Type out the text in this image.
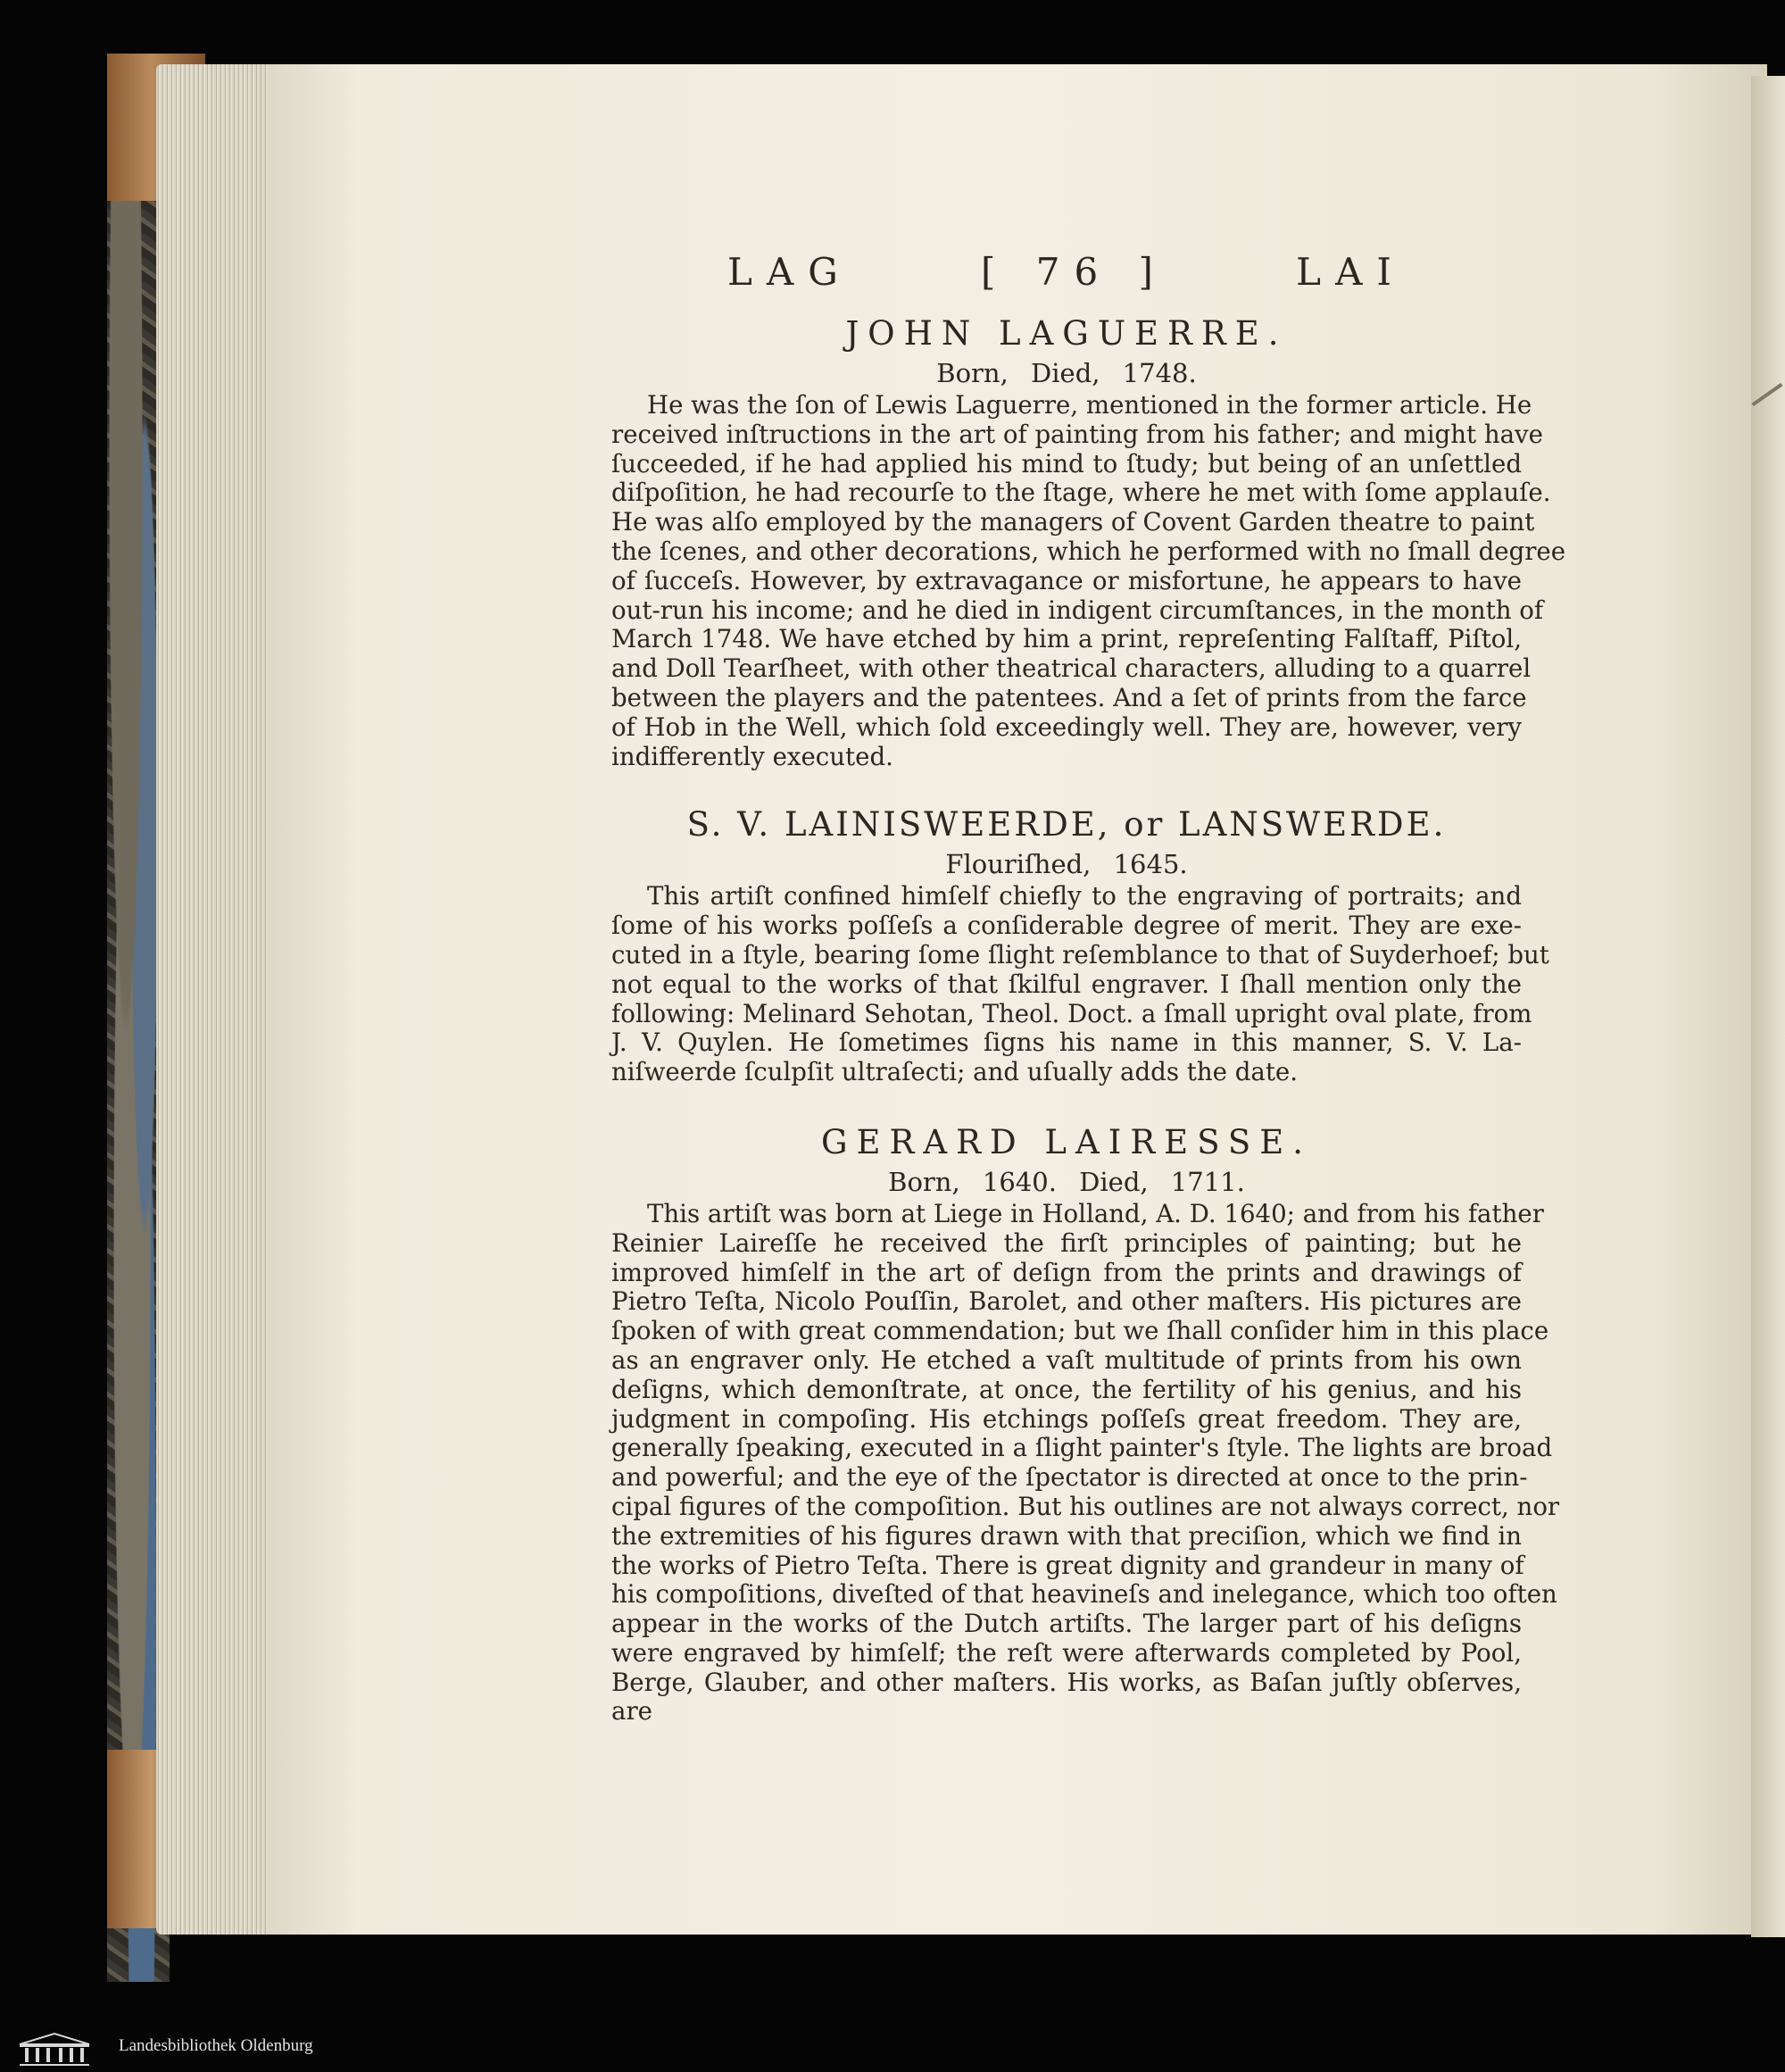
LAG	[ 76 ]	LAI

JOHN LAGUERRE.

Born, Died, 1748.

He was the ſon of Lewis Laguerre, mentioned in the former article. He
received inſtructions in the art of painting from his father; and might have
ſucceeded, if he had applied his mind to ſtudy; but being of an unſettled
diſpoſition, he had recourſe to the ſtage, where he met with ſome applauſe.
He was alſo employed by the managers of Covent Garden theatre to paint
the ſcenes, and other decorations, which he performed with no ſmall degree
of ſucceſs. However, by extravagance or misfortune, he appears to have
out-run his income; and he died in indigent circumſtances, in the month of
March 1748. We have etched by him a print, repreſenting Falſtaff, Piſtol,
and Doll Tearſheet, with other theatrical characters, alluding to a quarrel
between the players and the patentees. And a ſet of prints from the farce
of Hob in the Well, which ſold exceedingly well. They are, however, very
indifferently executed.

S. V. LAINISWEERDE, or LANSWERDE.

Flouriſhed, 1645.

This artiſt confined himſelf chiefly to the engraving of portraits; and
ſome of his works poſſeſs a conſiderable degree of merit. They are exe-
cuted in a ſtyle, bearing ſome ſlight reſemblance to that of Suyderhoef; but
not equal to the works of that ſkilful engraver. I ſhall mention only the
following: Melinard Sehotan, Theol. Doct. a ſmall upright oval plate, from
J. V. Quylen. He ſometimes ſigns his name in this manner, S. V. La-
niſweerde ſculpſit ultraſecti; and uſually adds the date.

GERARD LAIRESSE.

Born, 1640. Died, 1711.

This artiſt was born at Liege in Holland, A. D. 1640; and from his father
Reinier Laireſſe he received the firſt principles of painting; but he
improved himſelf in the art of deſign from the prints and drawings of
Pietro Teſta, Nicolo Pouſſin, Barolet, and other maſters. His pictures are
ſpoken of with great commendation; but we ſhall conſider him in this place
as an engraver only. He etched a vaſt multitude of prints from his own
deſigns, which demonſtrate, at once, the fertility of his genius, and his
judgment in compoſing. His etchings poſſeſs great freedom. They are,
generally ſpeaking, executed in a ſlight painter's ſtyle. The lights are broad
and powerful; and the eye of the ſpectator is directed at once to the prin-
cipal figures of the compoſition. But his outlines are not always correct, nor
the extremities of his figures drawn with that preciſion, which we find in
the works of Pietro Teſta. There is great dignity and grandeur in many of
his compoſitions, diveſted of that heavineſs and inelegance, which too often
appear in the works of the Dutch artiſts. The larger part of his deſigns
were engraved by himſelf; the reſt were afterwards completed by Pool,
Berge, Glauber, and other maſters. His works, as Baſan juſtly obſerves,
are
Landesbibliothek Oldenburg
